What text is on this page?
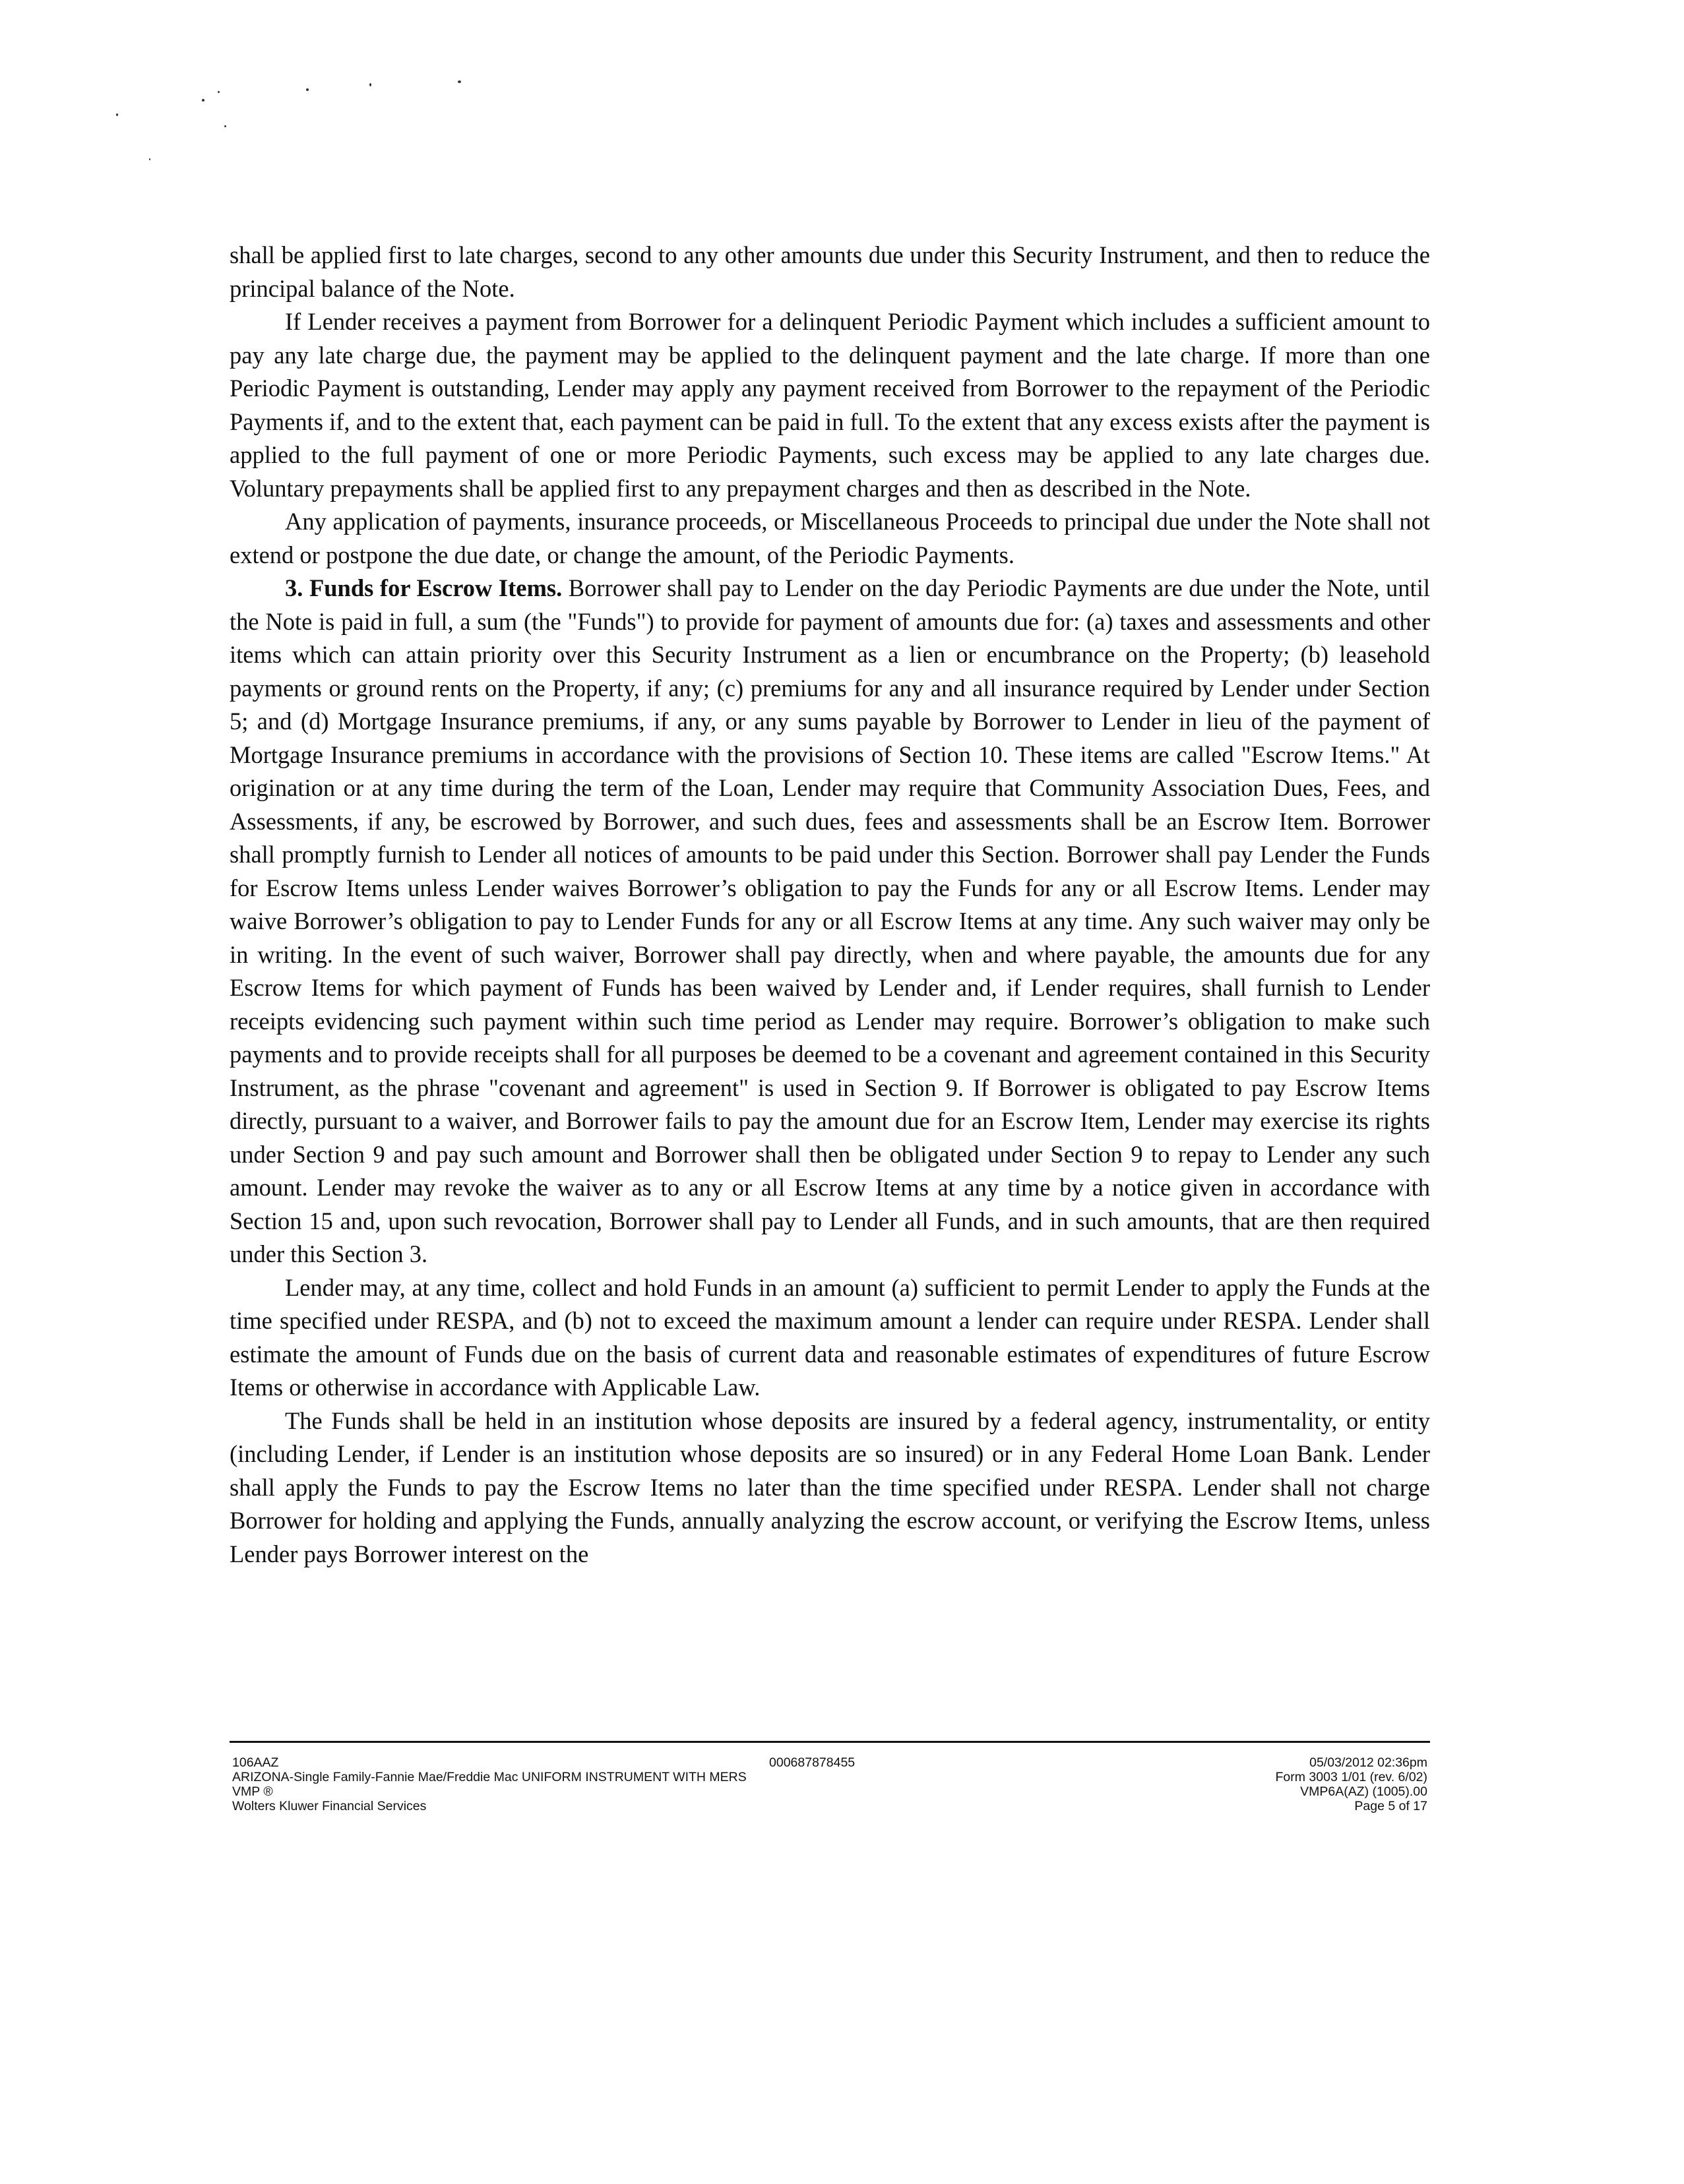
shall be applied first to late charges, second to any other amounts due under this Security Instrument, and then to reduce the principal balance of the Note.

If Lender receives a payment from Borrower for a delinquent Periodic Payment which includes a sufficient amount to pay any late charge due, the payment may be applied to the delinquent payment and the late charge. If more than one Periodic Payment is outstanding, Lender may apply any payment received from Borrower to the repayment of the Periodic Payments if, and to the extent that, each payment can be paid in full. To the extent that any excess exists after the payment is applied to the full payment of one or more Periodic Payments, such excess may be applied to any late charges due. Voluntary prepayments shall be applied first to any prepayment charges and then as described in the Note.

Any application of payments, insurance proceeds, or Miscellaneous Proceeds to principal due under the Note shall not extend or postpone the due date, or change the amount, of the Periodic Payments.

3. Funds for Escrow Items. Borrower shall pay to Lender on the day Periodic Payments are due under the Note, until the Note is paid in full, a sum (the "Funds") to provide for payment of amounts due for: (a) taxes and assessments and other items which can attain priority over this Security Instrument as a lien or encumbrance on the Property; (b) leasehold payments or ground rents on the Property, if any; (c) premiums for any and all insurance required by Lender under Section 5; and (d) Mortgage Insurance premiums, if any, or any sums payable by Borrower to Lender in lieu of the payment of Mortgage Insurance premiums in accordance with the provisions of Section 10. These items are called "Escrow Items." At origination or at any time during the term of the Loan, Lender may require that Community Association Dues, Fees, and Assessments, if any, be escrowed by Borrower, and such dues, fees and assessments shall be an Escrow Item. Borrower shall promptly furnish to Lender all notices of amounts to be paid under this Section. Borrower shall pay Lender the Funds for Escrow Items unless Lender waives Borrower’s obligation to pay the Funds for any or all Escrow Items. Lender may waive Borrower’s obligation to pay to Lender Funds for any or all Escrow Items at any time. Any such waiver may only be in writing. In the event of such waiver, Borrower shall pay directly, when and where payable, the amounts due for any Escrow Items for which payment of Funds has been waived by Lender and, if Lender requires, shall furnish to Lender receipts evidencing such payment within such time period as Lender may require. Borrower’s obligation to make such payments and to provide receipts shall for all purposes be deemed to be a covenant and agreement contained in this Security Instrument, as the phrase "covenant and agreement" is used in Section 9. If Borrower is obligated to pay Escrow Items directly, pursuant to a waiver, and Borrower fails to pay the amount due for an Escrow Item, Lender may exercise its rights under Section 9 and pay such amount and Borrower shall then be obligated under Section 9 to repay to Lender any such amount. Lender may revoke the waiver as to any or all Escrow Items at any time by a notice given in accordance with Section 15 and, upon such revocation, Borrower shall pay to Lender all Funds, and in such amounts, that are then required under this Section 3.

Lender may, at any time, collect and hold Funds in an amount (a) sufficient to permit Lender to apply the Funds at the time specified under RESPA, and (b) not to exceed the maximum amount a lender can require under RESPA. Lender shall estimate the amount of Funds due on the basis of current data and reasonable estimates of expenditures of future Escrow Items or otherwise in accordance with Applicable Law.

The Funds shall be held in an institution whose deposits are insured by a federal agency, instrumentality, or entity (including Lender, if Lender is an institution whose deposits are so insured) or in any Federal Home Loan Bank. Lender shall apply the Funds to pay the Escrow Items no later than the time specified under RESPA. Lender shall not charge Borrower for holding and applying the Funds, annually analyzing the escrow account, or verifying the Escrow Items, unless Lender pays Borrower interest on the

106AAZ
ARIZONA-Single Family-Fannie Mae/Freddie Mac UNIFORM INSTRUMENT WITH MERS
VMP ®
Wolters Kluwer Financial Services
000687878455	05/03/2012 02:36pm
Form 3003 1/01 (rev. 6/02)
VMP6A(AZ) (1005).00
Page 5 of 17
